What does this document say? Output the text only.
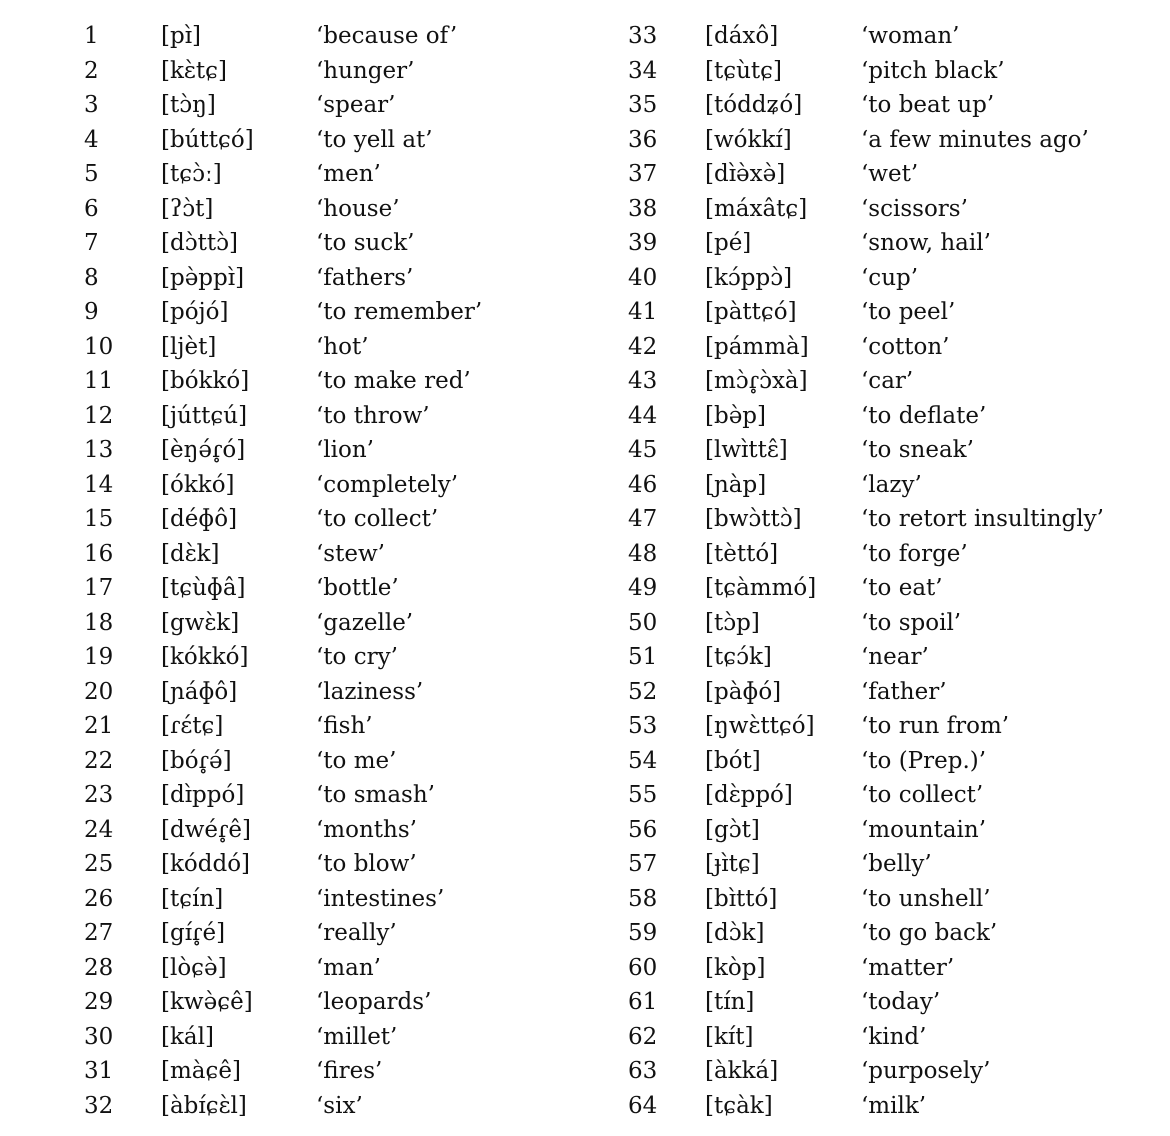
1	[pɪ̀]	‘because of’
2	[kɛ̀tɕ]	‘hunger’
3	[tɔ̀ŋ]	‘spear’
4	[búttɕó]	‘to yell at’
5	[tɕɔ̀ː]	‘men’
6	[ʔɔ̀t]	‘house’
7	[dɔ̀ttɔ̀]	‘to suck’
8	[pə̀ppɪ̀]	‘fathers’
9	[pójó]	‘to remember’
10	[ljèt]	‘hot’
11	[bókkó]	‘to make red’
12	[júttɕú]	‘to throw’
13	[èŋə́ɾ̥ó]	‘lion’
14	[ókkó]	‘completely’
15	[déɸô]	‘to collect’
16	[dɛ̀k]	‘stew’
17	[tɕùɸâ]	‘bottle’
18	[gwɛ̀k]	‘gazelle’
19	[kókkó]	‘to cry’
20	[ɲáɸô]	‘laziness’
21	[ɾɛ́tɕ]	‘fish’
22	[bóɾ̥ə́]	‘to me’
23	[dɪ̀ppó]	‘to smash’
24	[dwéɾ̥ê]	‘months’
25	[kóddó]	‘to blow’
26	[tɕín]	‘intestines’
27	[gɪ́ɾ̥é]	‘really’
28	[lòɕə̀]	‘man’
29	[kwə̀ɕê]	‘leopards’
30	[kál]	‘millet’
31	[màɕê]	‘fires’
32	[àbɪ́ɕɛ̀l]	‘six’
33	[dáxô]	‘woman’
34	[tɕùtɕ]	‘pitch black’
35	[tóddʑó]	‘to beat up’
36	[wókkɪ́]	‘a few minutes ago’
37	[dɪ̀ə̀xə̀]	‘wet’
38	[máxâtɕ] ‘scissors’
39	[pé]	‘snow, hail’
40	[kɔ́ppɔ̀]	‘cup’
41	[pàttɕó]	‘to peel’
42	[pámmà] ‘cotton’
43	[mɔ̀ɾ̥ɔ̀xà] ‘car’
44	[bə̀p]	‘to deflate’
45	[lwɪ̀ttɛ̂]	‘to sneak’
46	[ɲàp]	‘lazy’
47	[bwɔ̀ttɔ̀]	‘to retort insultingly’
48	[tèttó]	‘to forge’
49	[tɕàmmó] ‘to eat’
50	[tɔ̀p]	‘to spoil’
51	[tɕɔ́k]	‘near’
52	[pàɸó]	‘father’
53	[ŋwɛ̀ttɕó] ‘to run from’
54	[bót]	‘to (Prep.)’
55	[dɛ̀ppó]	‘to collect’
56	[gɔ̀t]	‘mountain’
57	[ɟɪ̀tɕ]	‘belly’
58	[bɪ̀ttó]	‘to unshell’
59	[dɔ̀k]	‘to go back’
60	[kòp]	‘matter’
61	[tɪ́n]	‘today’
62	[kɪ́t]	‘kind’
63	[àkká]	‘purposely’
64	[tɕàk]	‘milk’
